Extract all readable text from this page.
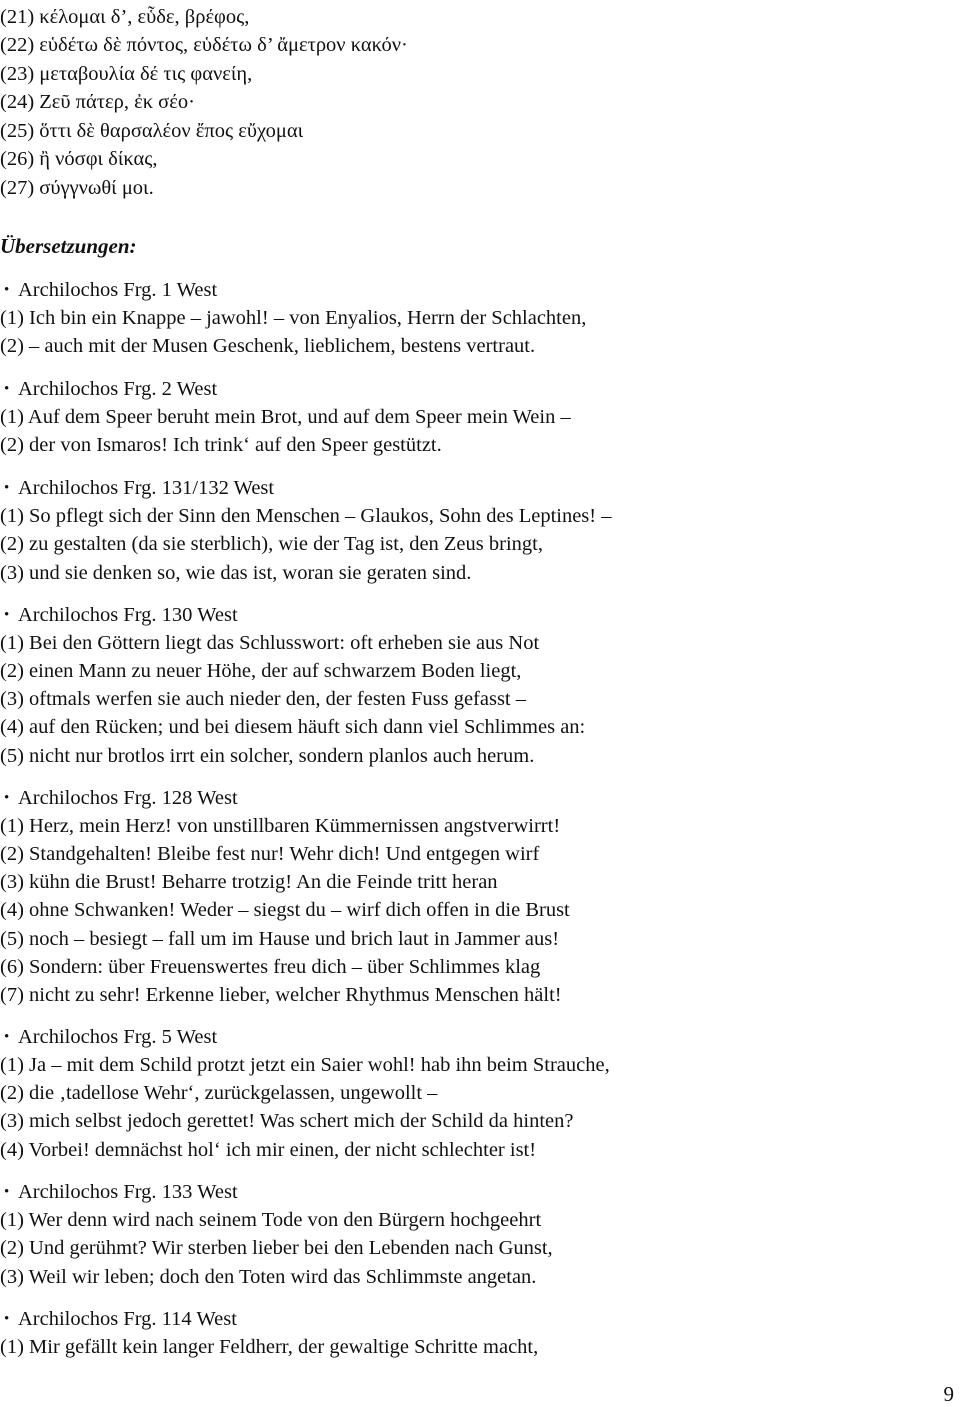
(21) κέλομαι δ’, εὗδε, βρέφος,
(22) εὑδέτω δὲ πόντος, εὑδέτω δ’ ἄμετρον κακόν·
(23) μεταβουλία δέ τις φανείη,
(24) Ζεῦ πάτερ, ἐκ σέο·
(25) ὅττι δὲ θαρσαλέον ἔπος εὔχομαι
(26) ἢ νόσφι δίκας,
(27) σύγγνωθί μοι.
Übersetzungen:
• Archilochos Frg. 1 West
(1) Ich bin ein Knappe – jawohl! – von Enyalios, Herrn der Schlachten,
(2) – auch mit der Musen Geschenk, lieblichem, bestens vertraut.
• Archilochos Frg. 2 West
(1) Auf dem Speer beruht mein Brot, und auf dem Speer mein Wein –
(2) der von Ismaros! Ich trink‘ auf den Speer gestützt.
• Archilochos Frg. 131/132 West
(1) So pflegt sich der Sinn den Menschen – Glaukos, Sohn des Leptines! –
(2) zu gestalten (da sie sterblich), wie der Tag ist, den Zeus bringt,
(3) und sie denken so, wie das ist, woran sie geraten sind.
• Archilochos Frg. 130 West
(1) Bei den Göttern liegt das Schlusswort: oft erheben sie aus Not
(2) einen Mann zu neuer Höhe, der auf schwarzem Boden liegt,
(3) oftmals werfen sie auch nieder den, der festen Fuss gefasst –
(4) auf den Rücken; und bei diesem häuft sich dann viel Schlimmes an:
(5) nicht nur brotlos irrt ein solcher, sondern planlos auch herum.
• Archilochos Frg. 128 West
(1) Herz, mein Herz! von unstillbaren Kümmernissen angstverwirrt!
(2) Standgehalten! Bleibe fest nur! Wehr dich! Und entgegen wirf
(3) kühn die Brust! Beharre trotzig! An die Feinde tritt heran
(4) ohne Schwanken! Weder – siegst du – wirf dich offen in die Brust
(5) noch – besiegt – fall um im Hause und brich laut in Jammer aus!
(6) Sondern: über Freuenswertes freu dich – über Schlimmes klag
(7) nicht zu sehr! Erkenne lieber, welcher Rhythmus Menschen hält!
• Archilochos Frg. 5 West
(1) Ja – mit dem Schild protzt jetzt ein Saier wohl! hab ihn beim Strauche,
(2) die ‚tadellose Wehr‘, zurückgelassen, ungewollt –
(3) mich selbst jedoch gerettet! Was schert mich der Schild da hinten?
(4) Vorbei! demnächst hol‘ ich mir einen, der nicht schlechter ist!
• Archilochos Frg. 133 West
(1) Wer denn wird nach seinem Tode von den Bürgern hochgeehrt
(2) Und gerühmt? Wir sterben lieber bei den Lebenden nach Gunst,
(3) Weil wir leben; doch den Toten wird das Schlimmste angetan.
• Archilochos Frg. 114 West
(1) Mir gefällt kein langer Feldherr, der gewaltige Schritte macht,
9
